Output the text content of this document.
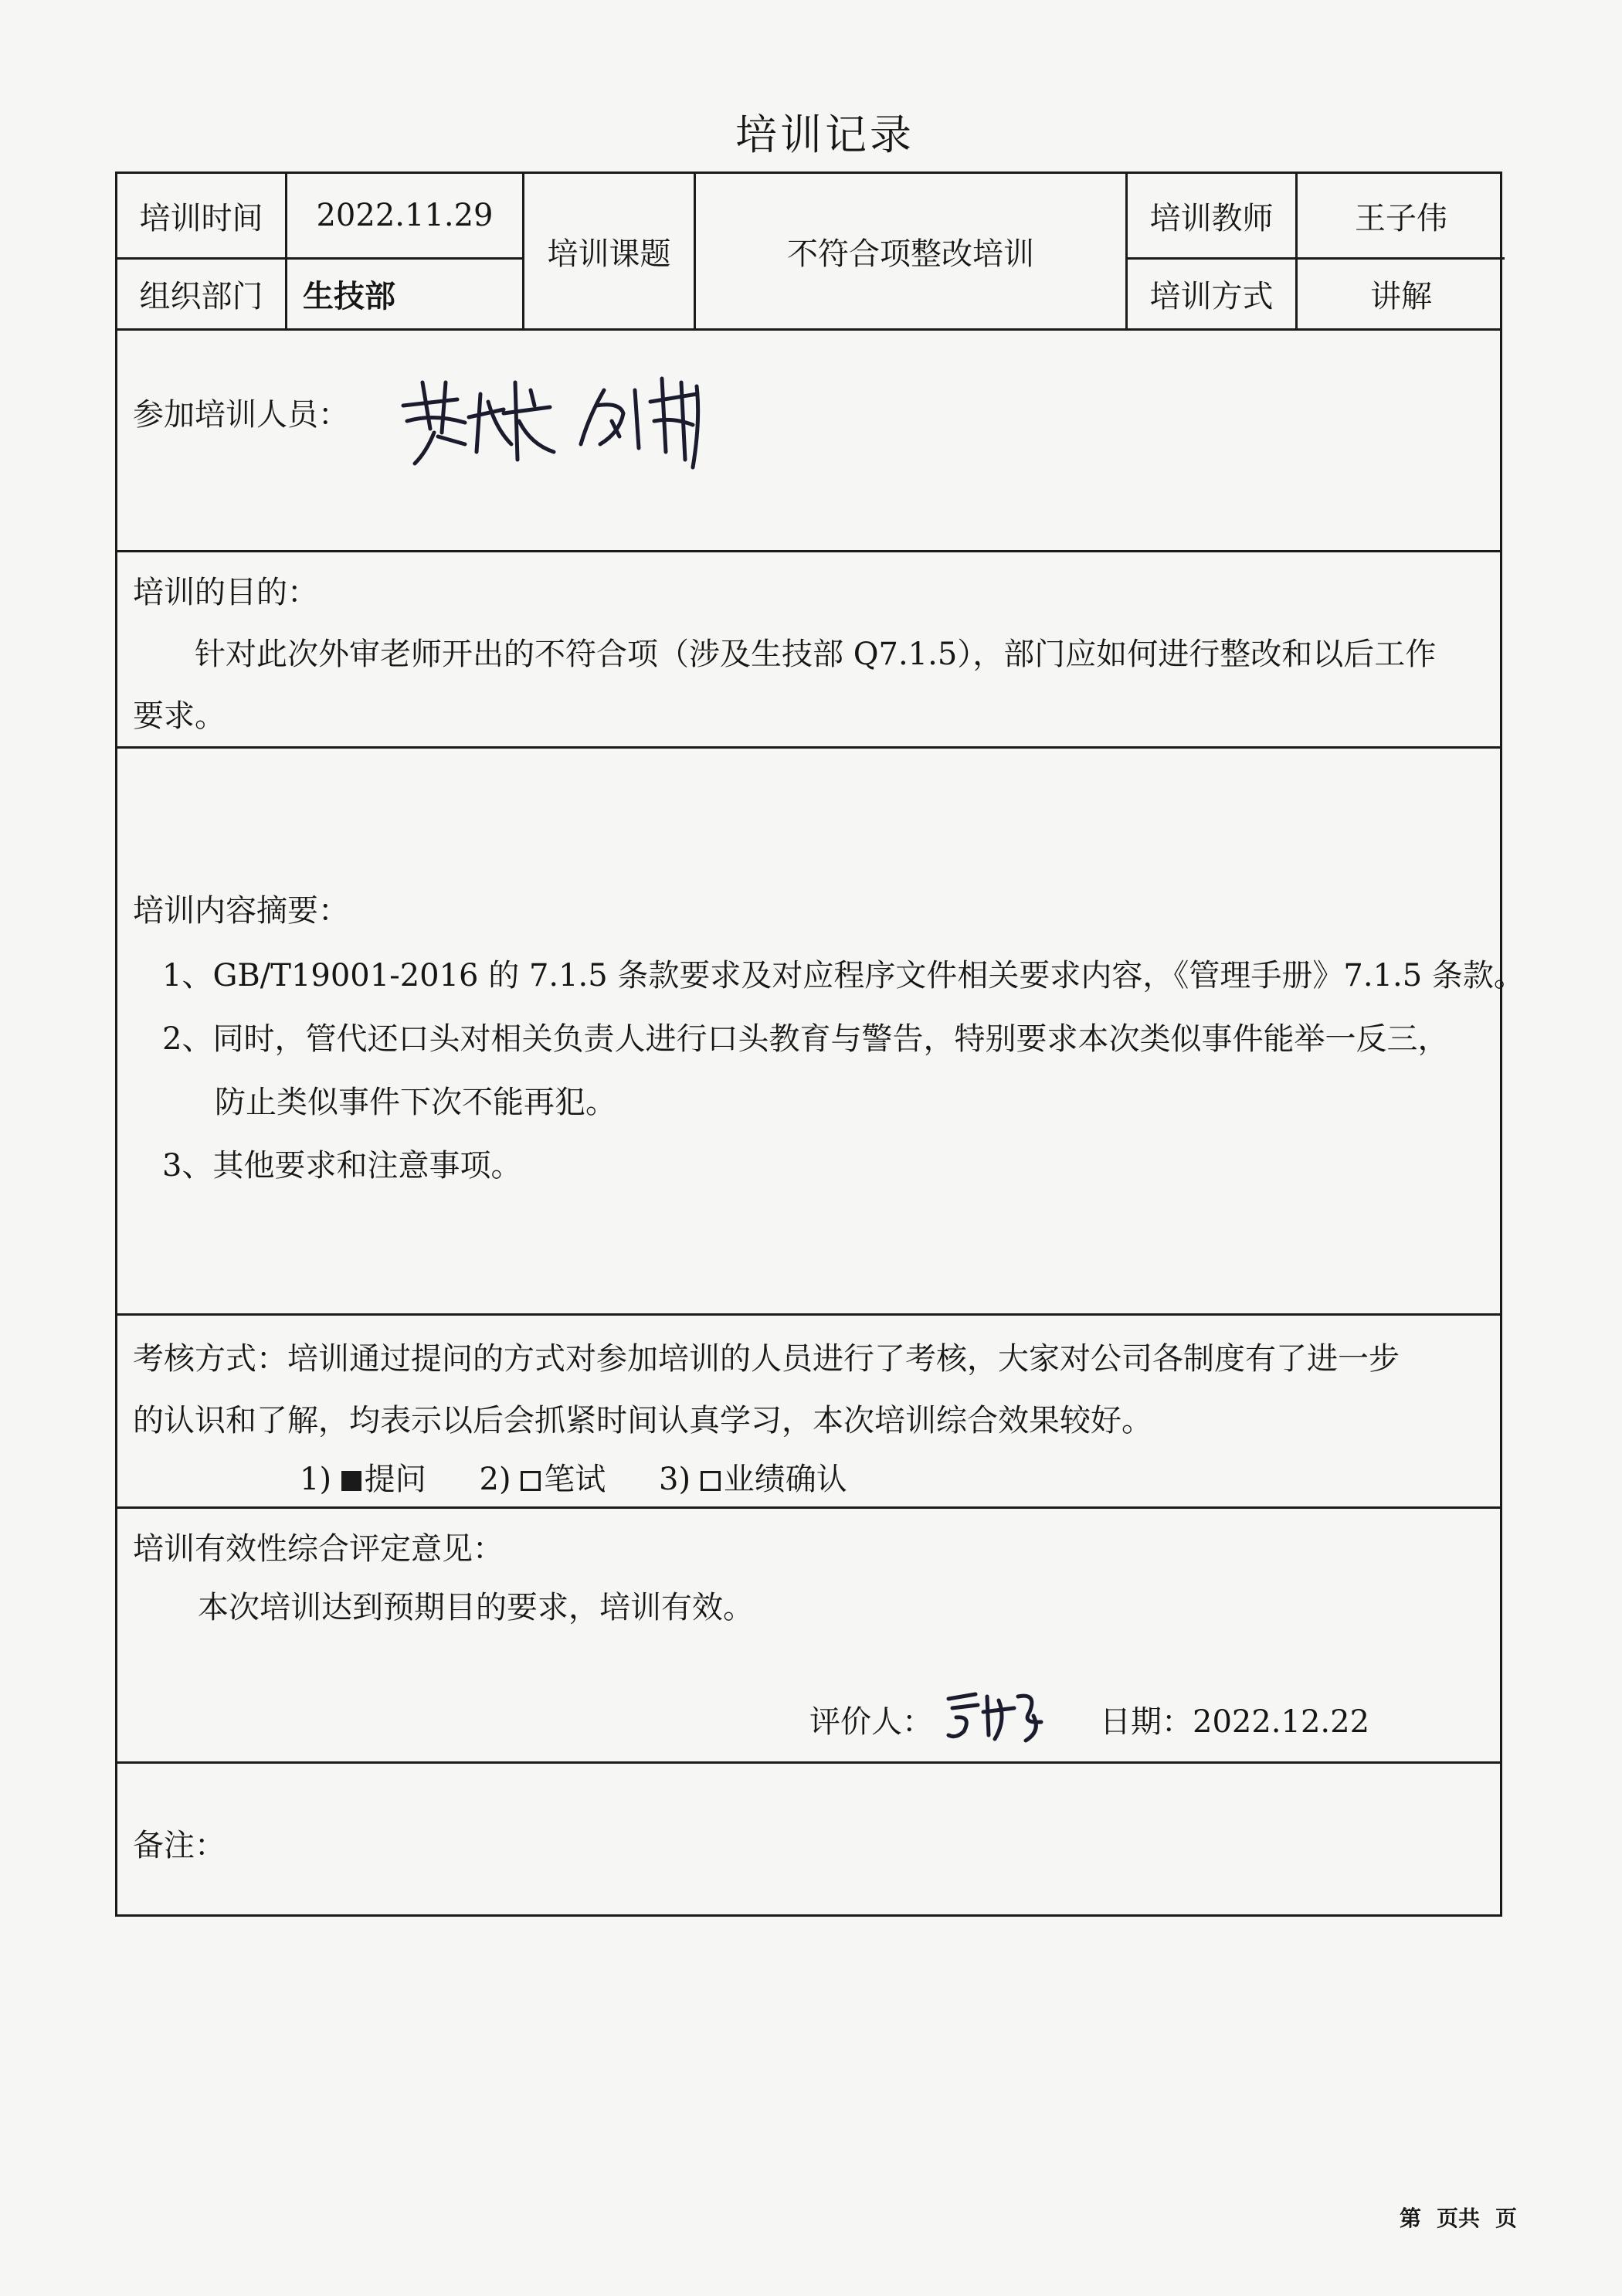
培训记录
培训时间	2022.11.29
组织部门	生技部
培训课题	不符合项整改培训
培训教师	王子伟
培训方式	讲解
参加培训人员：
培训的目的：
针对此次外审老师开出的不符合项（涉及生技部 Q7.1.5），部门应如何进行整改和以后工作
要求。
培训内容摘要：
1、GB/T19001-2016 的 7.1.5 条款要求及对应程序文件相关要求内容，《管理手册》7.1.5 条款。
2、同时，管代还口头对相关负责人进行口头教育与警告，特别要求本次类似事件能举一反三，
防止类似事件下次不能再犯。
3、其他要求和注意事项。
考核方式：培训通过提问的方式对参加培训的人员进行了考核，大家对公司各制度有了进一步
的认识和了解，均表示以后会抓紧时间认真学习，本次培训综合效果较好。
1) 提问 2) 笔试 3) 业绩确认
培训有效性综合评定意见：
本次培训达到预期目的要求，培训有效。
评价人：	日期：2022.12.22
备注：
第 页共 页
